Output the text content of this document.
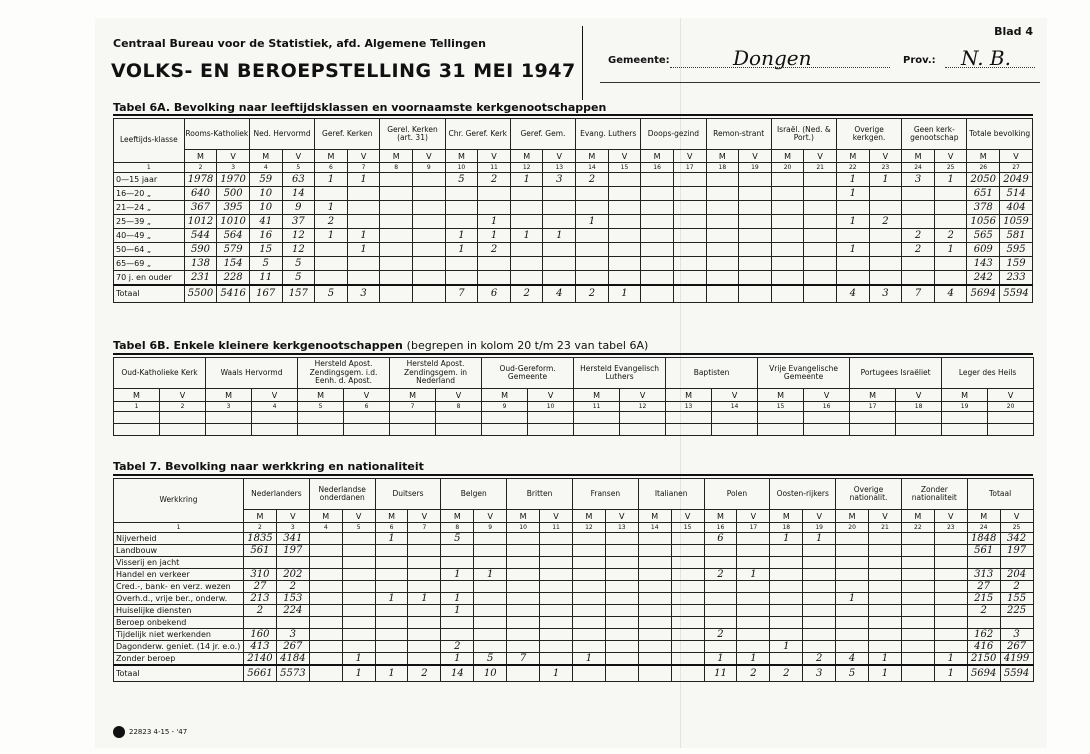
Centraal Bureau voor de Statistiek, afd. Algemene Tellingen
VOLKS- EN BEROEPSTELLING 31 MEI 1947
Blad 4
Gemeente:	Dongen	Prov.: N. B.
Tabel 6A. Bevolking naar leeftijdsklassen en voornaamste kerkgenootschappen
Leeftijds-klasse	Rooms-Katholiek		Ned. Hervormd		Geref. Kerken		Gerel. Kerken (art. 31)		Chr. Geref. Kerk		Geref. Gem.		Evang. Luthers		Doops-gezind		Remon-strant		Israël. (Ned. & Port.)		Overige kerkgen.		Geen kerk-genootschap		Totale bevolking	
	M	V	M	V	M	V	M	V	M	V	M	V	M	V	M	V	M	V	M	V	M	V	M	V	M	V
1	2	3	4	5	6	7	8	9	10	11	12	13	14	15	16	17	18	19	20	21	22	23	24	25	26	27
0—15 jaar	1978	1970	59	63	1	1			5	2	1	3	2								1	1	3	1	2050	2049
16—20 „	640	500	10	14																	1				651	514
21—24 „	367	395	10	9	1																				378	404
25—39 „	1012	1010	41	37	2					1			1								1	2			1056	1059
40—49 „	544	564	16	12	1	1			1	1	1	1											2	2	565	581
50—64 „	590	579	15	12		1			1	2											1		2	1	609	595
65—69 „	138	154	5	5																					143	159
70 j. en ouder	231	228	11	5																					242	233
Totaal	5500	5416	167	157	5	3			7	6	2	4	2	1							4	3	7	4	5694	5594
Tabel 6B. Enkele kleinere kerkgenootschappen (begrepen in kolom 20 t/m 23 van tabel 6A)
Oud-Katholieke Kerk		Waals Hervormd		Hersteld Apost. Zendingsgem. i.d. Eenh. d. Apost.		Hersteld Apost. Zendingsgem. in Nederland		Oud-Gereform. Gemeente		Hersteld Evangelisch Luthers		Baptisten		Vrije Evangelische Gemeente		Portugees Israëliet		Leger des Heils	
M	V	M	V	M	V	M	V	M	V	M	V	M	V	M	V	M	V	M	V
1	2	3	4	5	6	7	8	9	10	11	12	13	14	15	16	17	18	19	20

Tabel 7. Bevolking naar werkkring en nationaliteit
Werkkring	Nederlanders		Nederlandse onderdanen		Duitsers		Belgen		Britten		Fransen		Italianen		Polen		Oosten-rijkers		Overige nationalit.		Zonder nationaliteit		Totaal	
	M	V	M	V	M	V	M	V	M	V	M	V	M	V	M	V	M	V	M	V	M	V	M	V
1	2	3	4	5	6	7	8	9	10	11	12	13	14	15	16	17	18	19	20	21	22	23	24	25
Nijverheid	1835	341			1		5								6		1	1					1848	342
Landbouw	561	197																					561	197
Visserij en jacht																								
Handel en verkeer	310	202					1	1							2	1							313	204
Cred.-, bank- en verz. wezen	27	2																					27	2
Overh.d., vrije ber., onderw.	213	153			1	1	1												1				215	155
Huiselijke diensten	2	224					1																2	225
Beroep onbekend																								
Tijdelijk niet werkenden	160	3													2								162	3
Dagonderw. geniet. (14 jr. e.o.)	413	267					2										1						416	267
Zonder beroep	2140	4184		1			1	5	7		1				1	1		2	4	1		1	2150	4199
Totaal	5661	5573		1	1	2	14	10		1					11	2	2	3	5	1		1	5694	5594
22823 4-15 - '47
